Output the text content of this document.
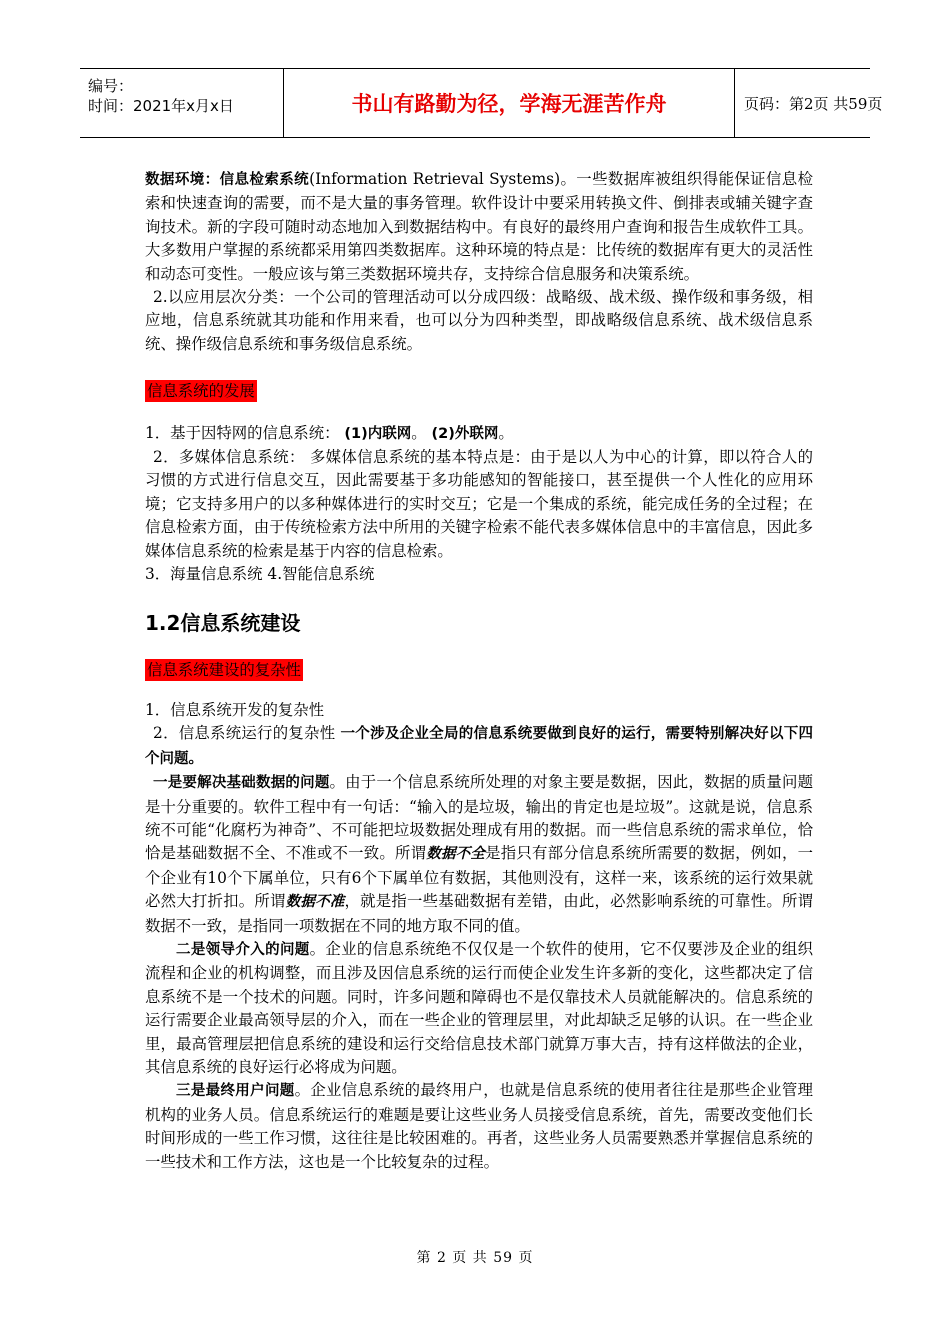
编号：
时间：2021年x月x日	书山有路勤为径，学海无涯苦作舟	页码：第2页 共59页

数据环境：信息检索系统(Information Retrieval Systems)。一些数据库被组织得能保证信息检索和快速查询的需要，而不是大量的事务管理。软件设计中要采用转换文件、倒排表或辅关键字查询技术。新的字段可随时动态地加入到数据结构中。有良好的最终用户查询和报告生成软件工具。大多数用户掌握的系统都采用第四类数据库。这种环境的特点是：比传统的数据库有更大的灵活性和动态可变性。一般应该与第三类数据环境共存，支持综合信息服务和决策系统。

2.以应用层次分类：一个公司的管理活动可以分成四级：战略级、战术级、操作级和事务级，相应地，信息系统就其功能和作用来看，也可以分为四种类型，即战略级信息系统、战术级信息系统、操作级信息系统和事务级信息系统。

信息系统的发展

1．基于因特网的信息系统： (1)内联网。 (2)外联网。

2．多媒体信息系统： 多媒体信息系统的基本特点是：由于是以人为中心的计算，即以符合人的习惯的方式进行信息交互，因此需要基于多功能感知的智能接口，甚至提供一个人性化的应用环境；它支持多用户的以多种媒体进行的实时交互；它是一个集成的系统，能完成任务的全过程；在信息检索方面，由于传统检索方法中所用的关键字检索不能代表多媒体信息中的丰富信息，因此多媒体信息系统的检索是基于内容的信息检索。

3．海量信息系统 4.智能信息系统

1.2信息系统建设
信息系统建设的复杂性

1．信息系统开发的复杂性

2．信息系统运行的复杂性 一个涉及企业全局的信息系统要做到良好的运行，需要特别解决好以下四个问题。

一是要解决基础数据的问题。由于一个信息系统所处理的对象主要是数据，因此，数据的质量问题是十分重要的。软件工程中有一句话：“输入的是垃圾，输出的肯定也是垃圾”。这就是说，信息系统不可能“化腐朽为神奇”、不可能把垃圾数据处理成有用的数据。而一些信息系统的需求单位，恰恰是基础数据不全、不准或不一致。所谓数据不全是指只有部分信息系统所需要的数据，例如，一个企业有10个下属单位，只有6个下属单位有数据，其他则没有，这样一来，该系统的运行效果就必然大打折扣。所谓数据不准，就是指一些基础数据有差错，由此，必然影响系统的可靠性。所谓数据不一致，是指同一项数据在不同的地方取不同的值。

二是领导介入的问题。企业的信息系统绝不仅仅是一个软件的使用，它不仅要涉及企业的组织流程和企业的机构调整，而且涉及因信息系统的运行而使企业发生许多新的变化，这些都决定了信息系统不是一个技术的问题。同时，许多问题和障碍也不是仅靠技术人员就能解决的。信息系统的运行需要企业最高领导层的介入，而在一些企业的管理层里，对此却缺乏足够的认识。在一些企业里，最高管理层把信息系统的建设和运行交给信息技术部门就算万事大吉，持有这样做法的企业，其信息系统的良好运行必将成为问题。

三是最终用户问题。企业信息系统的最终用户，也就是信息系统的使用者往往是那些企业管理机构的业务人员。信息系统运行的难题是要让这些业务人员接受信息系统，首先，需要改变他们长时间形成的一些工作习惯，这往往是比较困难的。再者，这些业务人员需要熟悉并掌握信息系统的一些技术和工作方法，这也是一个比较复杂的过程。

第 2 页 共 59 页
